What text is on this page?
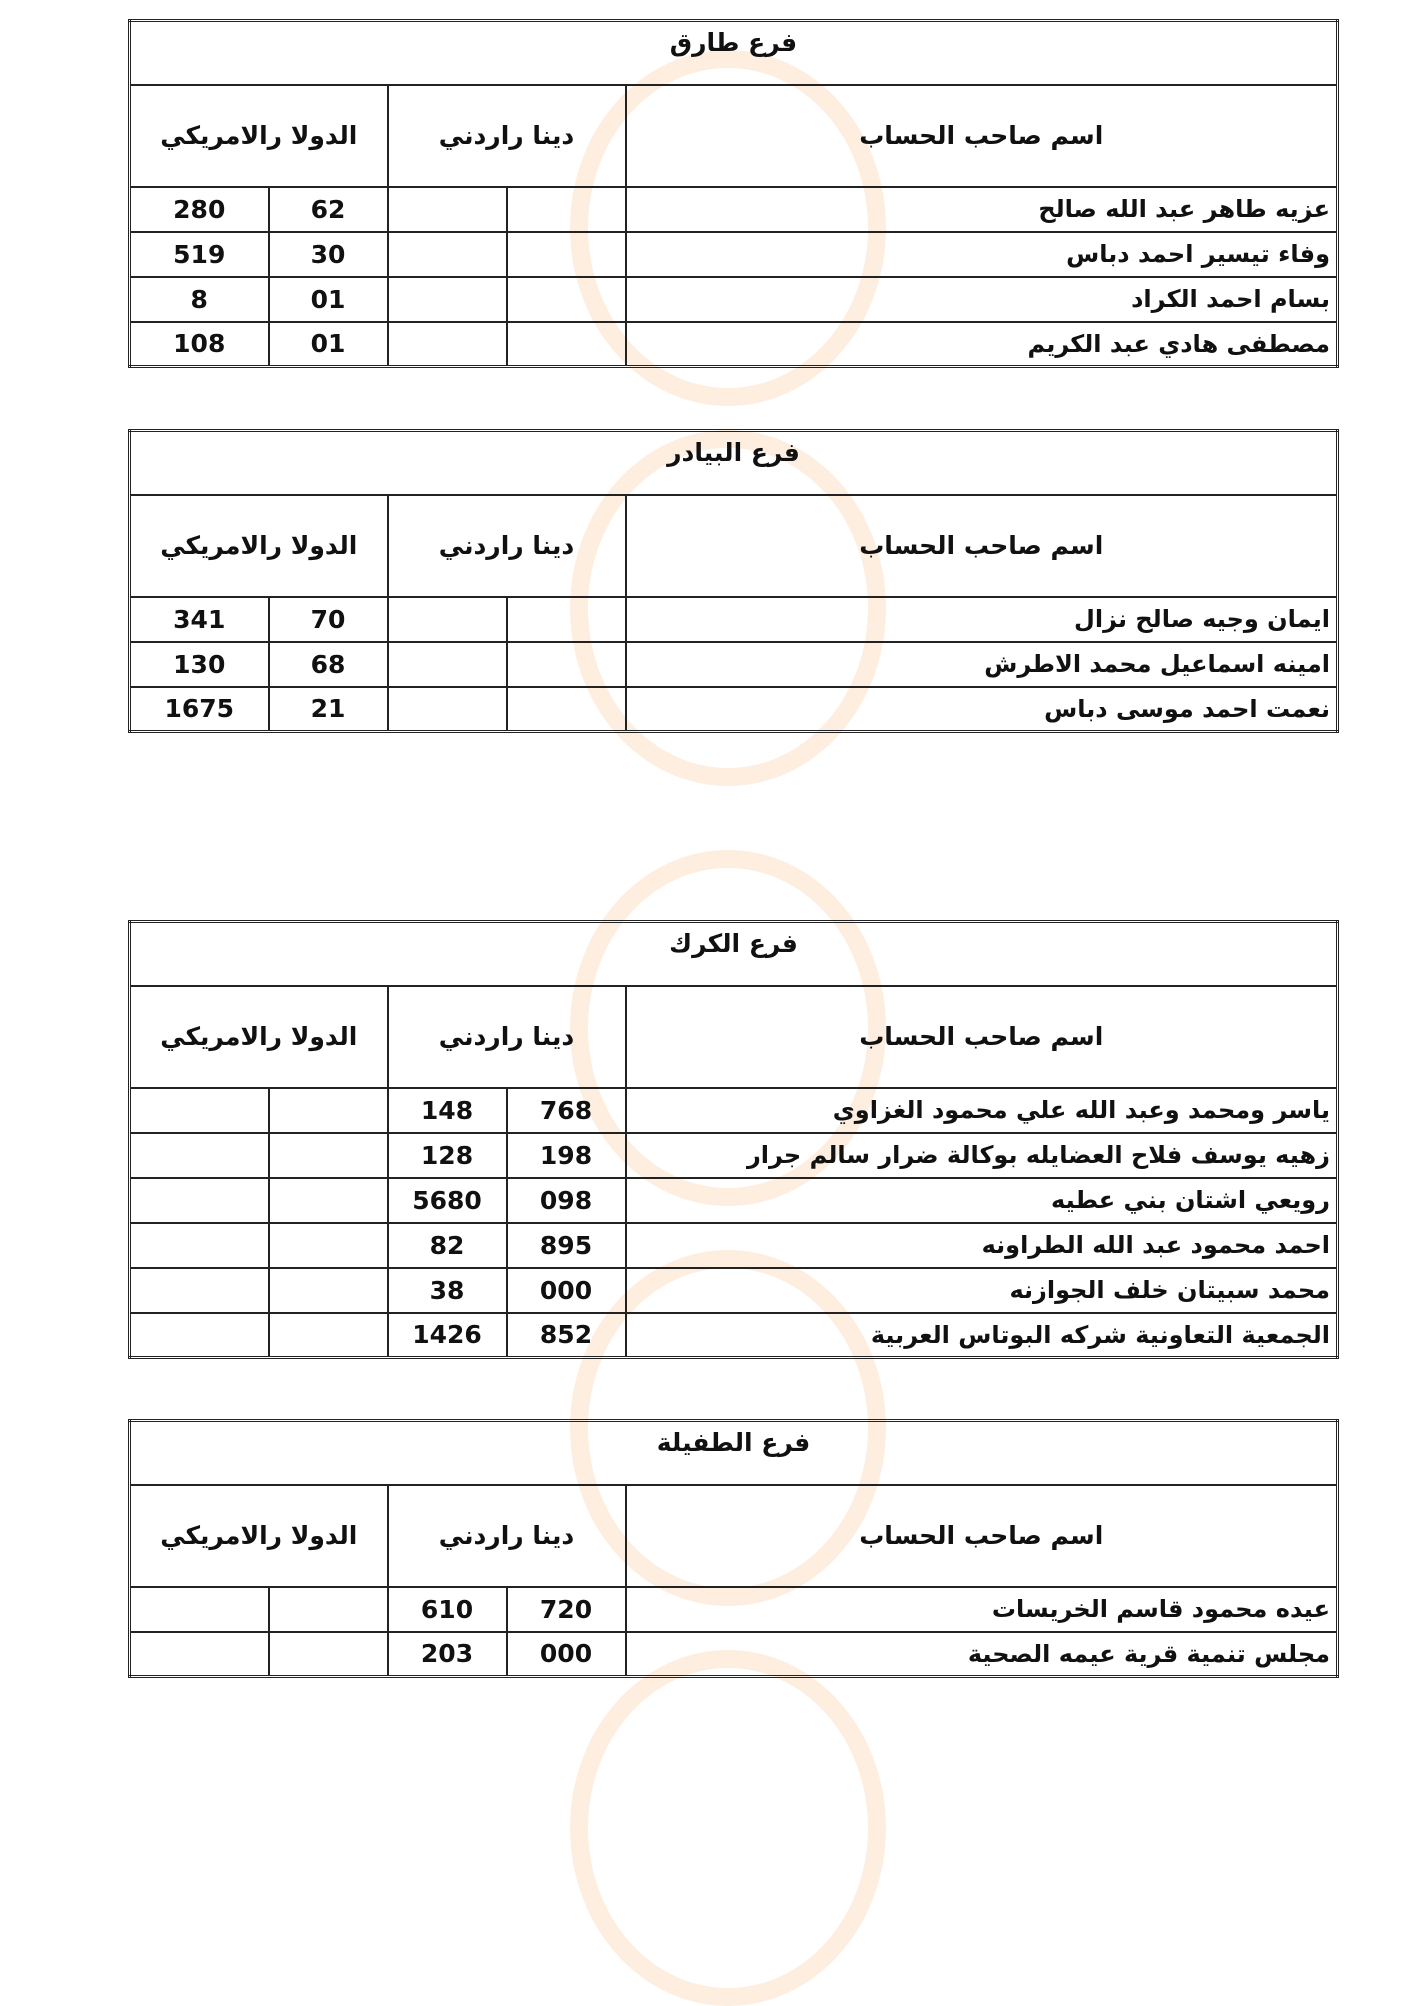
فرع طارق				
الدولا رالامريكي		دينا راردني		اسم صاحب الحساب
280	62			عزيه طاهر عبد الله صالح
519	30			وفاء تيسير احمد دباس
8	01			بسام احمد الكراد
108	01			مصطفى هادي عبد الكريم
فرع البيادر				
الدولا رالامريكي		دينا راردني		اسم صاحب الحساب
341	70			ايمان وجيه صالح نزال
130	68			امينه اسماعيل محمد الاطرش
1675	21			نعمت احمد موسى دباس
فرع الكرك				
الدولا رالامريكي		دينا راردني		اسم صاحب الحساب
		148	768	ياسر ومحمد وعبد الله علي محمود الغزاوي
		128	198	زهيه يوسف فلاح العضايله بوكالة ضرار سالم جرار
		5680	098	رويعي اشتان بني عطيه
		82	895	احمد محمود عبد الله الطراونه
		38	000	محمد سبيتان خلف الجوازنه
		1426	852	الجمعية التعاونية شركه البوتاس العربية
فرع الطفيلة				
الدولا رالامريكي		دينا راردني		اسم صاحب الحساب
		610	720	عيده محمود قاسم الخريسات
		203	000	مجلس تنمية قرية عيمه الصحية
